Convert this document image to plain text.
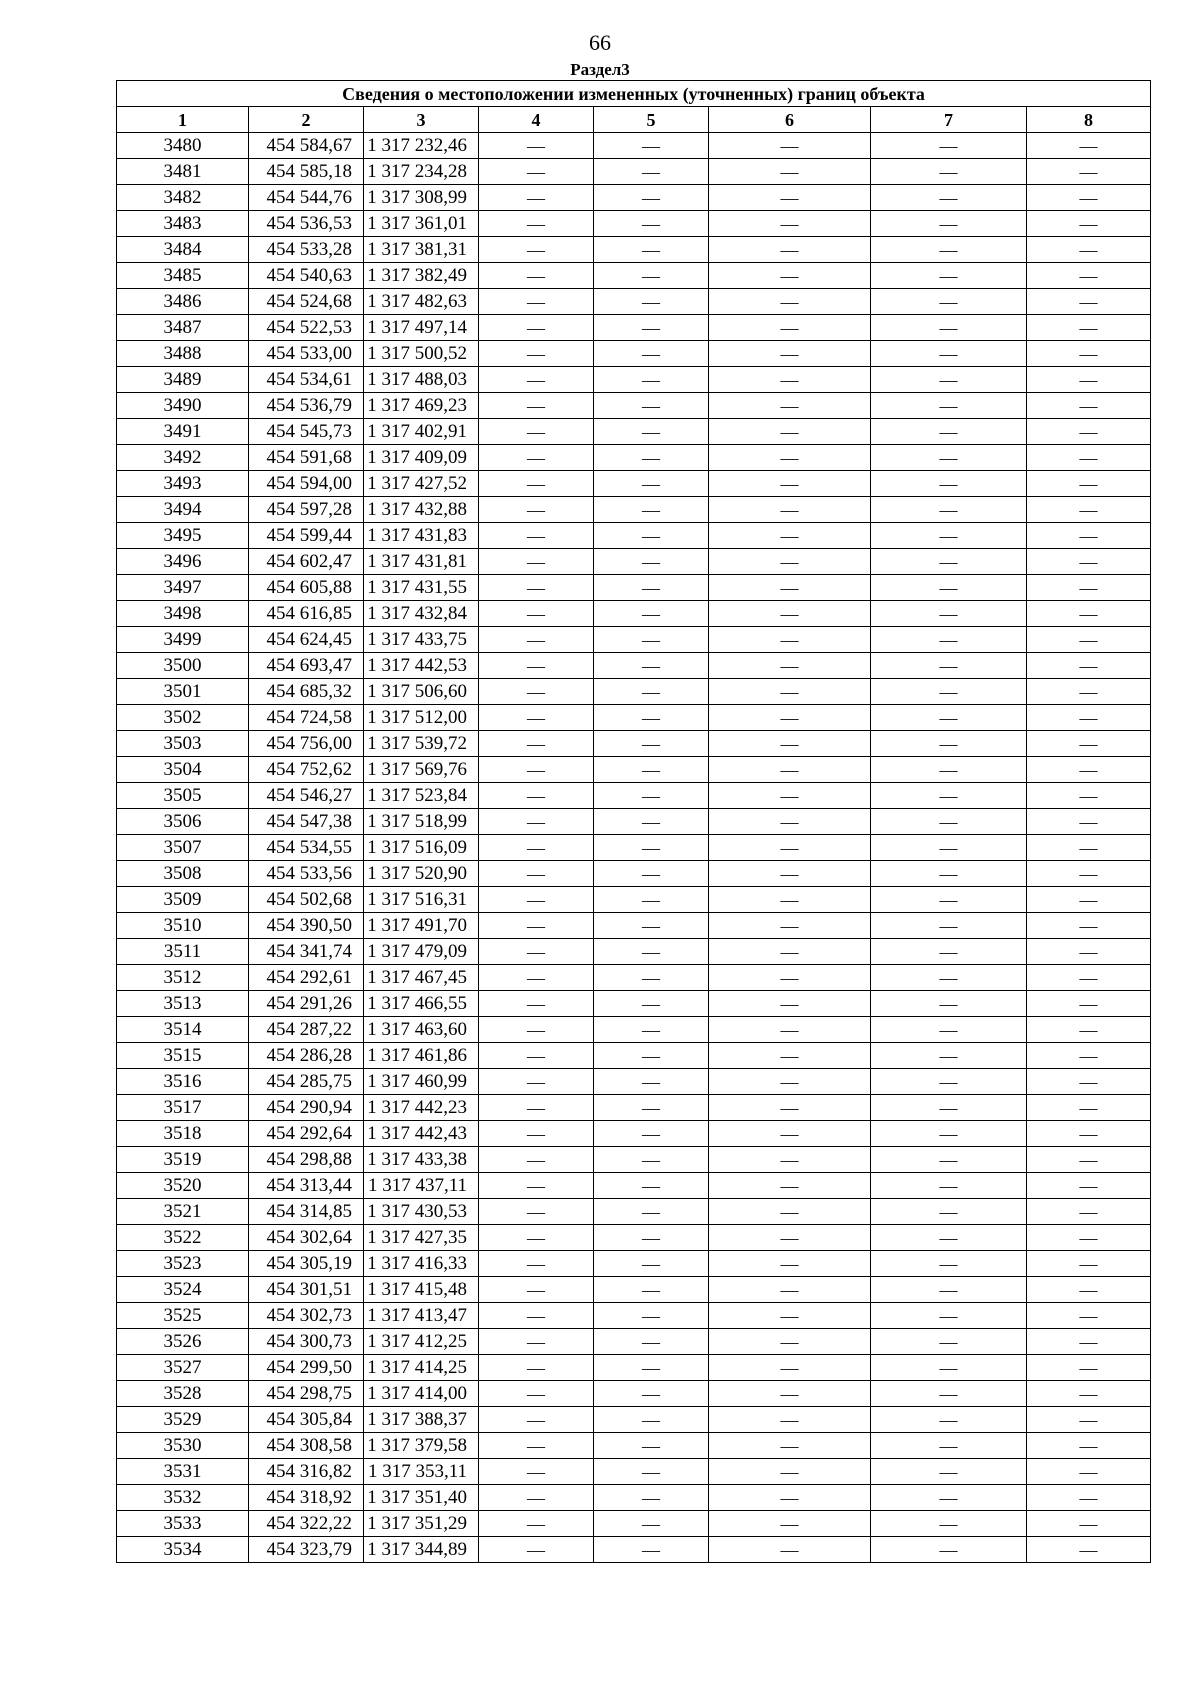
66
Раздел3
Сведения о местоположении измененных (уточненных) границ объекта							
1	2	3	4	5	6	7	8
3480	454 584,67	1 317 232,46	—	—	—	—	—
3481	454 585,18	1 317 234,28	—	—	—	—	—
3482	454 544,76	1 317 308,99	—	—	—	—	—
3483	454 536,53	1 317 361,01	—	—	—	—	—
3484	454 533,28	1 317 381,31	—	—	—	—	—
3485	454 540,63	1 317 382,49	—	—	—	—	—
3486	454 524,68	1 317 482,63	—	—	—	—	—
3487	454 522,53	1 317 497,14	—	—	—	—	—
3488	454 533,00	1 317 500,52	—	—	—	—	—
3489	454 534,61	1 317 488,03	—	—	—	—	—
3490	454 536,79	1 317 469,23	—	—	—	—	—
3491	454 545,73	1 317 402,91	—	—	—	—	—
3492	454 591,68	1 317 409,09	—	—	—	—	—
3493	454 594,00	1 317 427,52	—	—	—	—	—
3494	454 597,28	1 317 432,88	—	—	—	—	—
3495	454 599,44	1 317 431,83	—	—	—	—	—
3496	454 602,47	1 317 431,81	—	—	—	—	—
3497	454 605,88	1 317 431,55	—	—	—	—	—
3498	454 616,85	1 317 432,84	—	—	—	—	—
3499	454 624,45	1 317 433,75	—	—	—	—	—
3500	454 693,47	1 317 442,53	—	—	—	—	—
3501	454 685,32	1 317 506,60	—	—	—	—	—
3502	454 724,58	1 317 512,00	—	—	—	—	—
3503	454 756,00	1 317 539,72	—	—	—	—	—
3504	454 752,62	1 317 569,76	—	—	—	—	—
3505	454 546,27	1 317 523,84	—	—	—	—	—
3506	454 547,38	1 317 518,99	—	—	—	—	—
3507	454 534,55	1 317 516,09	—	—	—	—	—
3508	454 533,56	1 317 520,90	—	—	—	—	—
3509	454 502,68	1 317 516,31	—	—	—	—	—
3510	454 390,50	1 317 491,70	—	—	—	—	—
3511	454 341,74	1 317 479,09	—	—	—	—	—
3512	454 292,61	1 317 467,45	—	—	—	—	—
3513	454 291,26	1 317 466,55	—	—	—	—	—
3514	454 287,22	1 317 463,60	—	—	—	—	—
3515	454 286,28	1 317 461,86	—	—	—	—	—
3516	454 285,75	1 317 460,99	—	—	—	—	—
3517	454 290,94	1 317 442,23	—	—	—	—	—
3518	454 292,64	1 317 442,43	—	—	—	—	—
3519	454 298,88	1 317 433,38	—	—	—	—	—
3520	454 313,44	1 317 437,11	—	—	—	—	—
3521	454 314,85	1 317 430,53	—	—	—	—	—
3522	454 302,64	1 317 427,35	—	—	—	—	—
3523	454 305,19	1 317 416,33	—	—	—	—	—
3524	454 301,51	1 317 415,48	—	—	—	—	—
3525	454 302,73	1 317 413,47	—	—	—	—	—
3526	454 300,73	1 317 412,25	—	—	—	—	—
3527	454 299,50	1 317 414,25	—	—	—	—	—
3528	454 298,75	1 317 414,00	—	—	—	—	—
3529	454 305,84	1 317 388,37	—	—	—	—	—
3530	454 308,58	1 317 379,58	—	—	—	—	—
3531	454 316,82	1 317 353,11	—	—	—	—	—
3532	454 318,92	1 317 351,40	—	—	—	—	—
3533	454 322,22	1 317 351,29	—	—	—	—	—
3534	454 323,79	1 317 344,89	—	—	—	—	—
